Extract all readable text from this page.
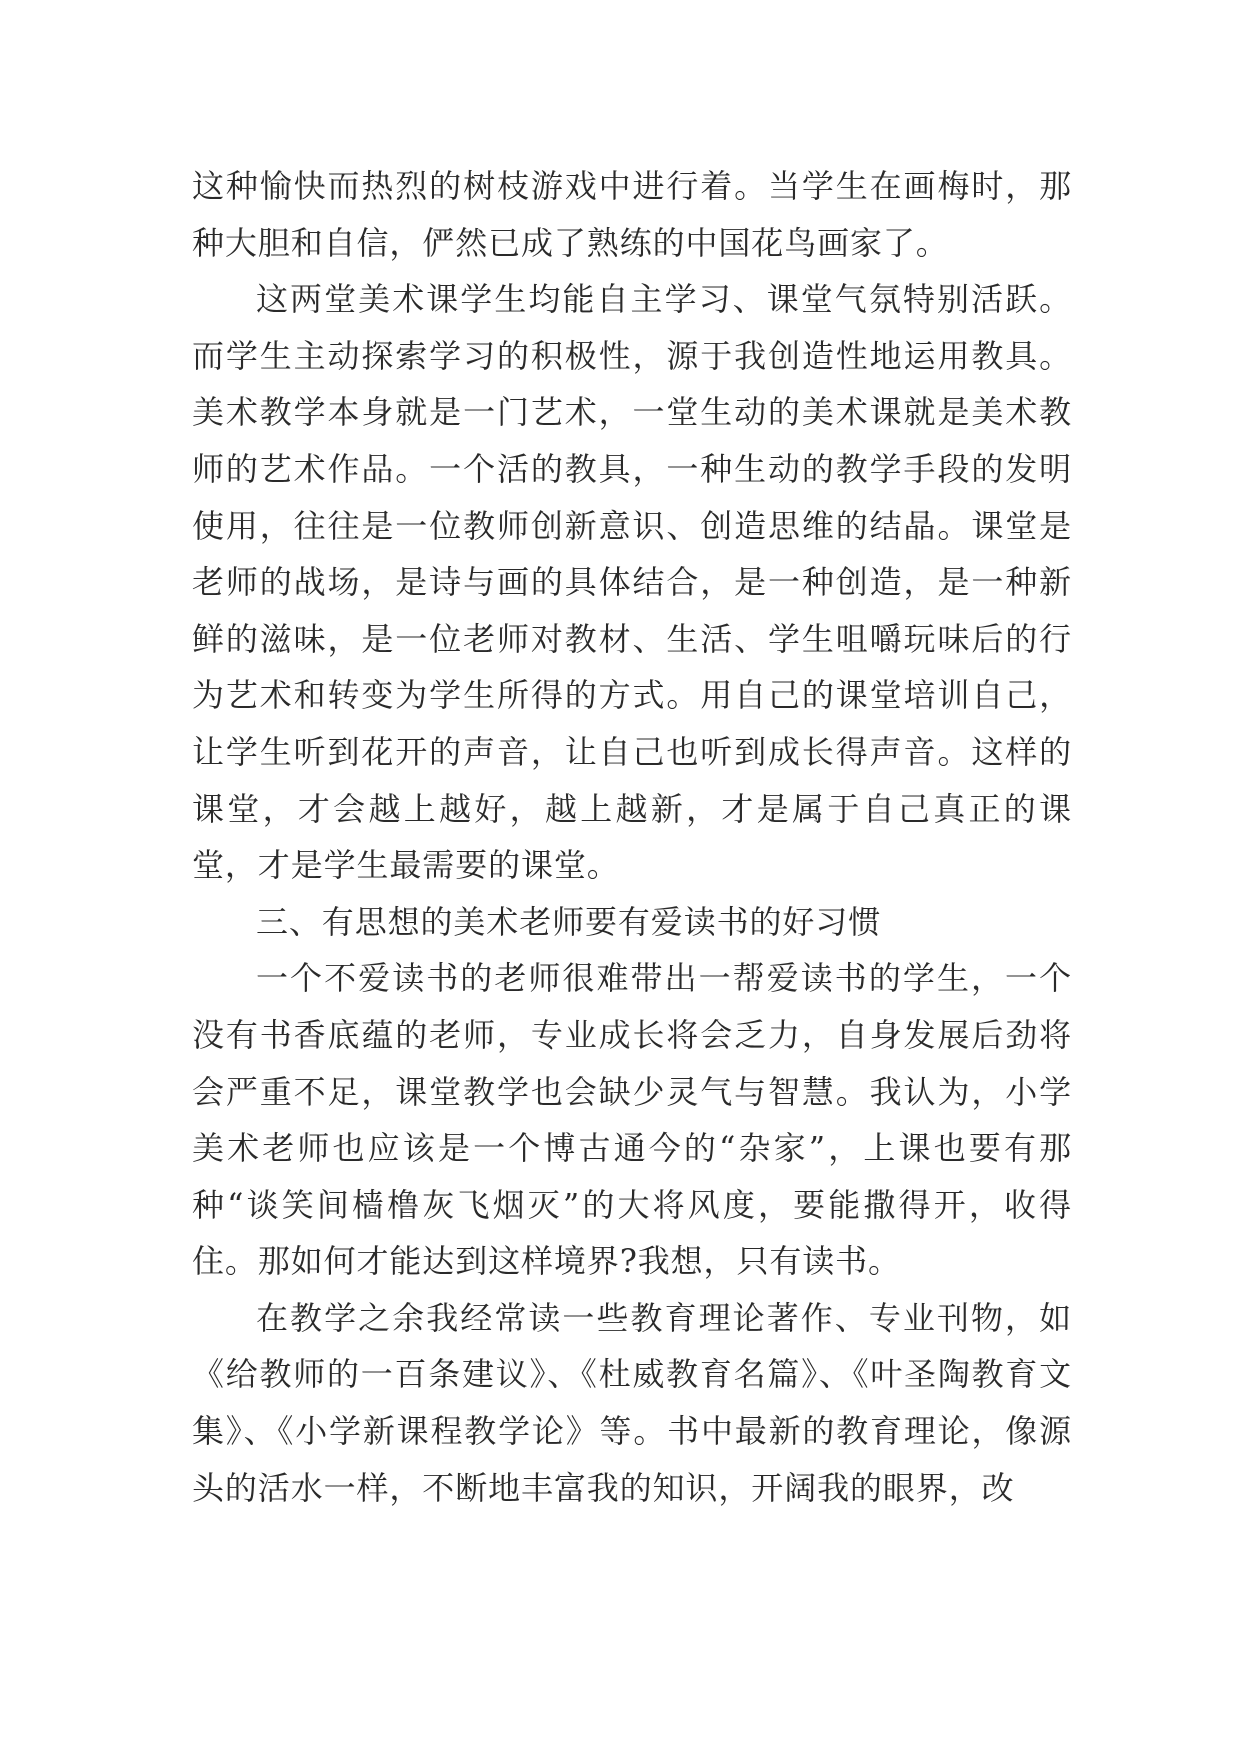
这种愉快而热烈的树枝游戏中进行着。当学生在画梅时，那种大胆和自信，俨然已成了熟练的中国花鸟画家了。

这两堂美术课学生均能自主学习、课堂气氛特别活跃。而学生主动探索学习的积极性，源于我创造性地运用教具。美术教学本身就是一门艺术，一堂生动的美术课就是美术教师的艺术作品。一个活的教具，一种生动的教学手段的发明使用，往往是一位教师创新意识、创造思维的结晶。课堂是老师的战场，是诗与画的具体结合，是一种创造，是一种新鲜的滋味，是一位老师对教材、生活、学生咀嚼玩味后的行为艺术和转变为学生所得的方式。用自己的课堂培训自己，让学生听到花开的声音，让自己也听到成长得声音。这样的课堂，才会越上越好，越上越新，才是属于自己真正的课堂，才是学生最需要的课堂。

三、有思想的美术老师要有爱读书的好习惯

一个不爱读书的老师很难带出一帮爱读书的学生，一个没有书香底蕴的老师，专业成长将会乏力，自身发展后劲将会严重不足，课堂教学也会缺少灵气与智慧。我认为，小学美术老师也应该是一个博古通今的“杂家”，上课也要有那种“谈笑间樯橹灰飞烟灭”的大将风度，要能撒得开，收得住。那如何才能达到这样境界?我想，只有读书。

在教学之余我经常读一些教育理论著作、专业刊物，如《给教师的一百条建议》、《杜威教育名篇》、《叶圣陶教育文集》、《小学新课程教学论》等。书中最新的教育理论，像源头的活水一样，不断地丰富我的知识，开阔我的眼界，改
